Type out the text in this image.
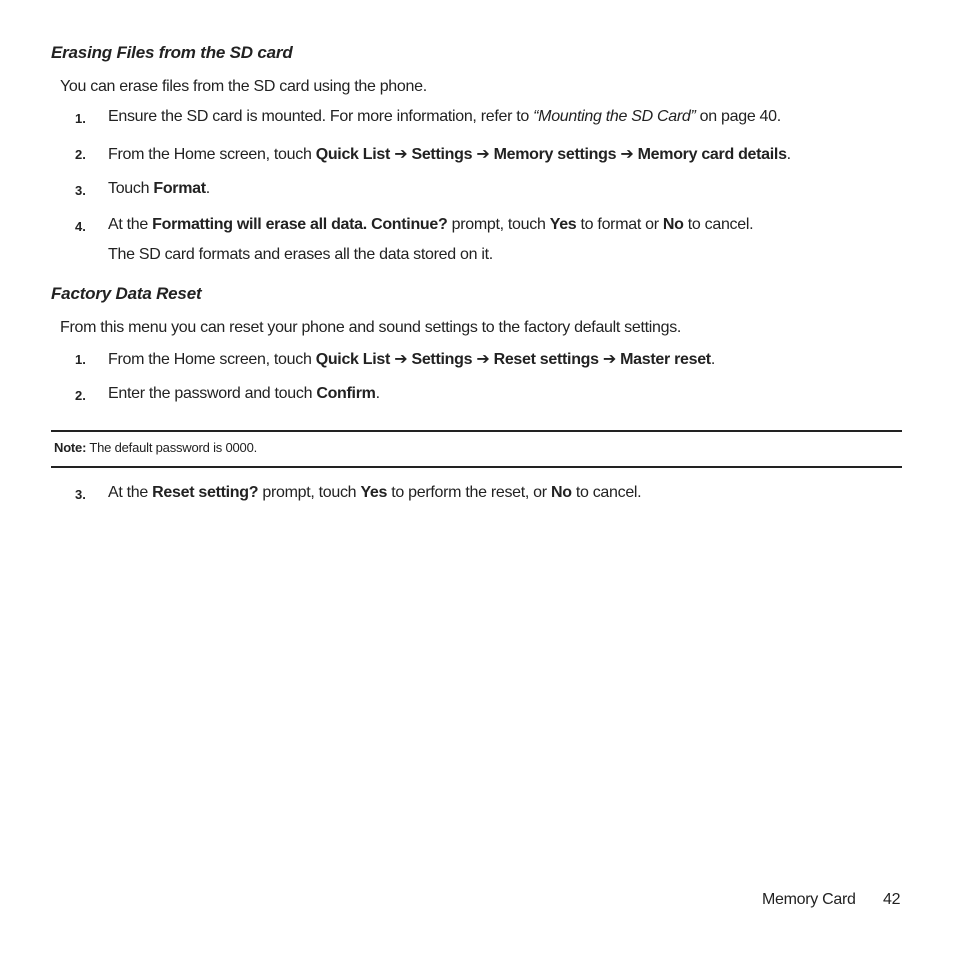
Erasing Files from the SD card

You can erase files from the SD card using the phone.

1. Ensure the SD card is mounted. For more information, refer to “Mounting the SD Card” on page 40.
2. From the Home screen, touch Quick List ➔ Settings ➔ Memory settings ➔ Memory card details.
3. Touch Format.
4. At the Formatting will erase all data. Continue? prompt, touch Yes to format or No to cancel.

The SD card formats and erases all the data stored on it.

Factory Data Reset

From this menu you can reset your phone and sound settings to the factory default settings.

1. From the Home screen, touch Quick List ➔ Settings ➔ Reset settings ➔ Master reset.
2. Enter the password and touch Confirm.
Note: The default password is 0000.
3. At the Reset setting? prompt, touch Yes to perform the reset, or No to cancel.
Memory Card 42
